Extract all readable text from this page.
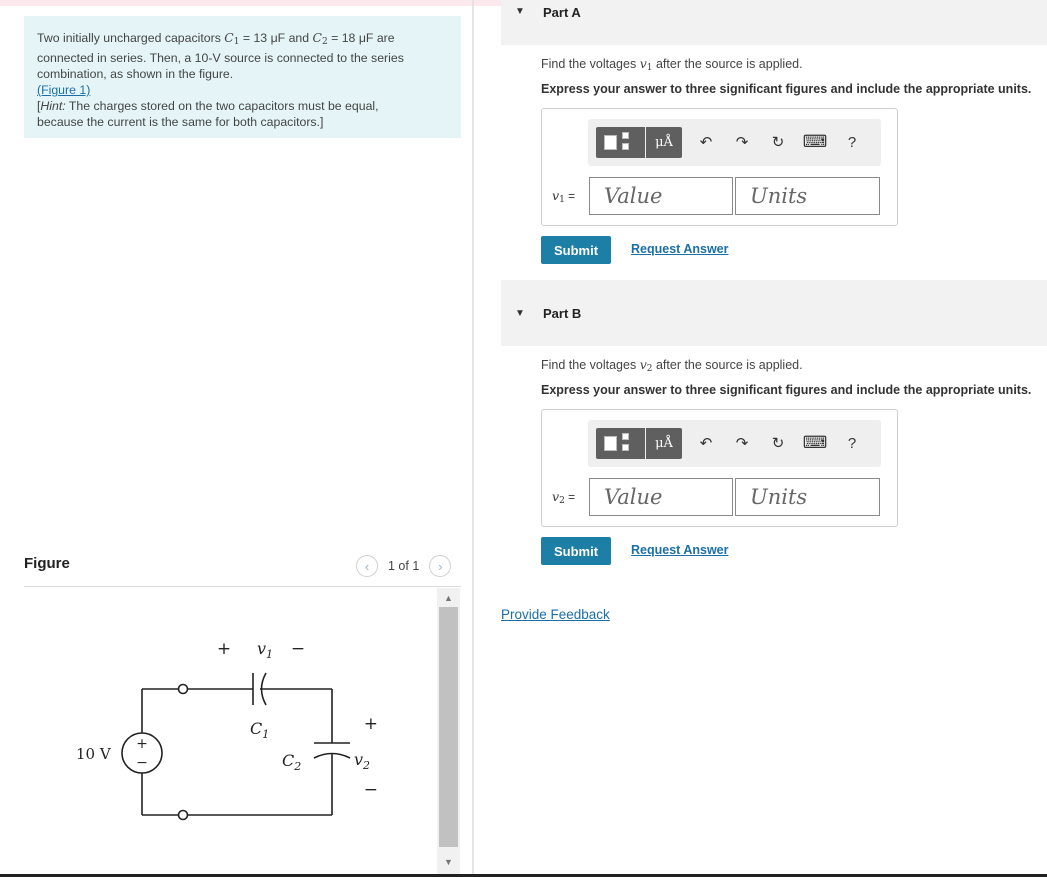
Two initially uncharged capacitors $C_1 = 13$ μF and $C_2 = 18$ μF are

connected in series. Then, a 10-V source is connected to the series

combination, as shown in the figure.

(Figure 1)

[Hint: The charges stored on the two capacitors must be equal,

because the current is the same for both capacitors.]

Figure	‹	1 of 1	›
▲
▼
+
−
10 V
+ $v_1$ −
$C_1$
$C_2$
+
$v_2$
−
▼ Part A
Find the voltages $v_1$ after the source is applied.
Express your answer to three significant figures and include the appropriate units.
μÅ	↶	↷	↻ ⌨	?
$v_1$ =
Value
Units
Submit	Request Answer
▼ Part B
Find the voltages $v_2$ after the source is applied.
Express your answer to three significant figures and include the appropriate units.
μÅ	↶	↷	↻ ⌨	?
$v_2$ =
Value
Units
Submit	Request Answer
Provide Feedback
